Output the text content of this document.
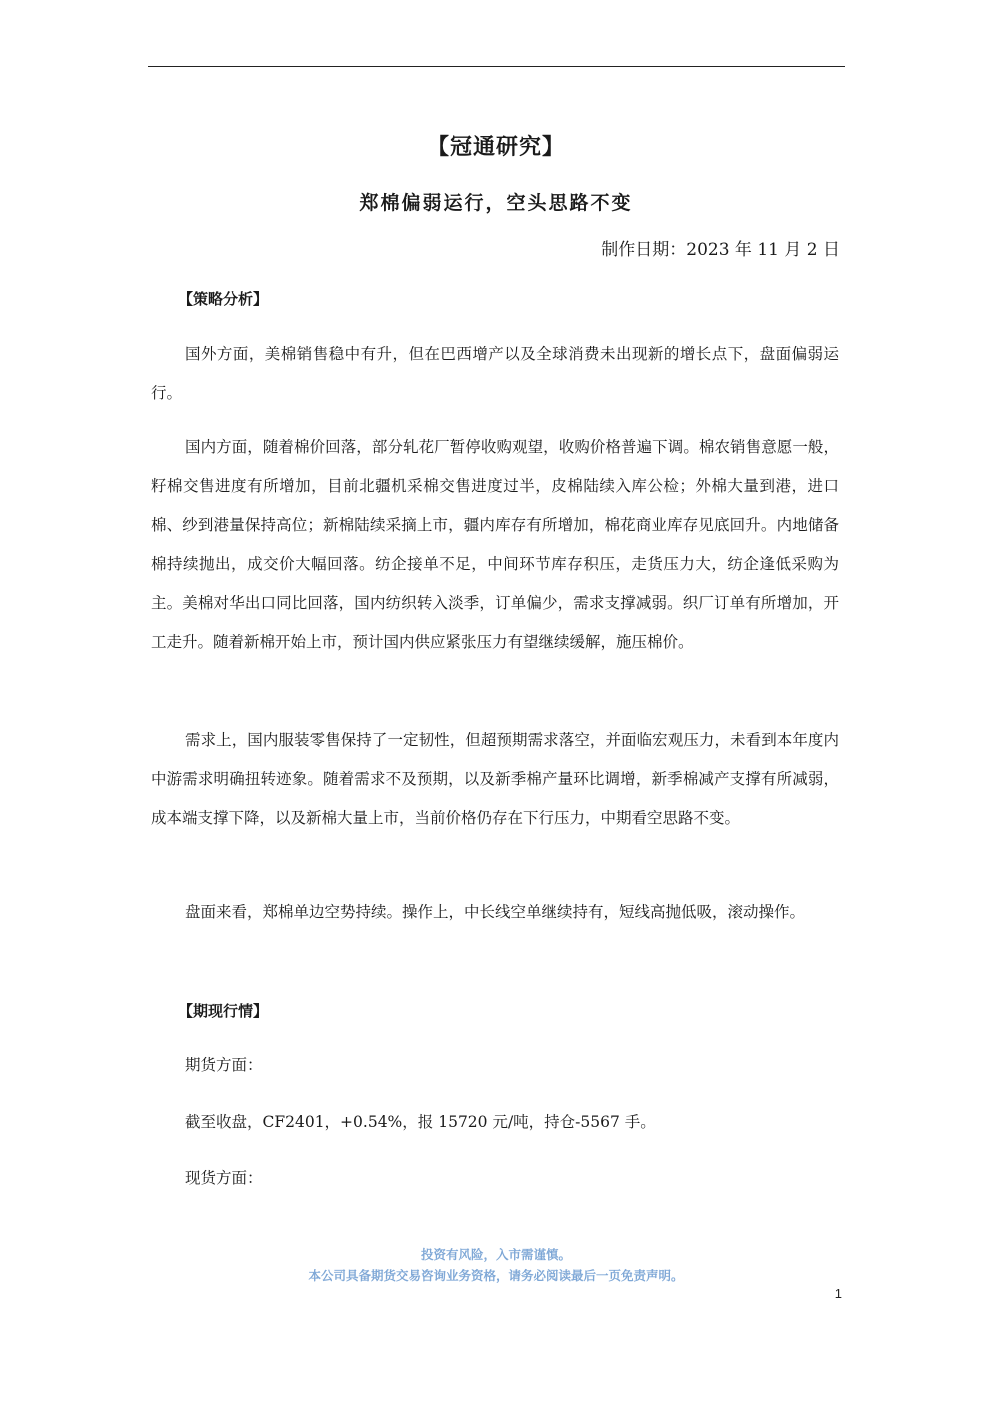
【冠通研究】
郑棉偏弱运行，空头思路不变
制作日期：2023 年 11 月 2 日
【策略分析】

国外方面，美棉销售稳中有升，但在巴西增产以及全球消费未出现新的增长点下，盘面偏弱运行。

国内方面，随着棉价回落，部分轧花厂暂停收购观望，收购价格普遍下调。棉农销售意愿一般，籽棉交售进度有所增加，目前北疆机采棉交售进度过半，皮棉陆续入库公检；外棉大量到港，进口棉、纱到港量保持高位；新棉陆续采摘上市，疆内库存有所增加，棉花商业库存见底回升。内地储备棉持续抛出，成交价大幅回落。纺企接单不足，中间环节库存积压，走货压力大，纺企逢低采购为主。美棉对华出口同比回落，国内纺织转入淡季，订单偏少，需求支撑减弱。织厂订单有所增加，开工走升。随着新棉开始上市，预计国内供应紧张压力有望继续缓解，施压棉价。

需求上，国内服装零售保持了一定韧性，但超预期需求落空，并面临宏观压力，未看到本年度内中游需求明确扭转迹象。随着需求不及预期，以及新季棉产量环比调增，新季棉减产支撑有所减弱，成本端支撑下降，以及新棉大量上市，当前价格仍存在下行压力，中期看空思路不变。

盘面来看，郑棉单边空势持续。操作上，中长线空单继续持有，短线高抛低吸，滚动操作。

【期现行情】
期货方面：
截至收盘，CF2401，+0.54%，报 15720 元/吨，持仓-5567 手。
现货方面：
投资有风险，入市需谨慎。
本公司具备期货交易咨询业务资格，请务必阅读最后一页免责声明。
1
